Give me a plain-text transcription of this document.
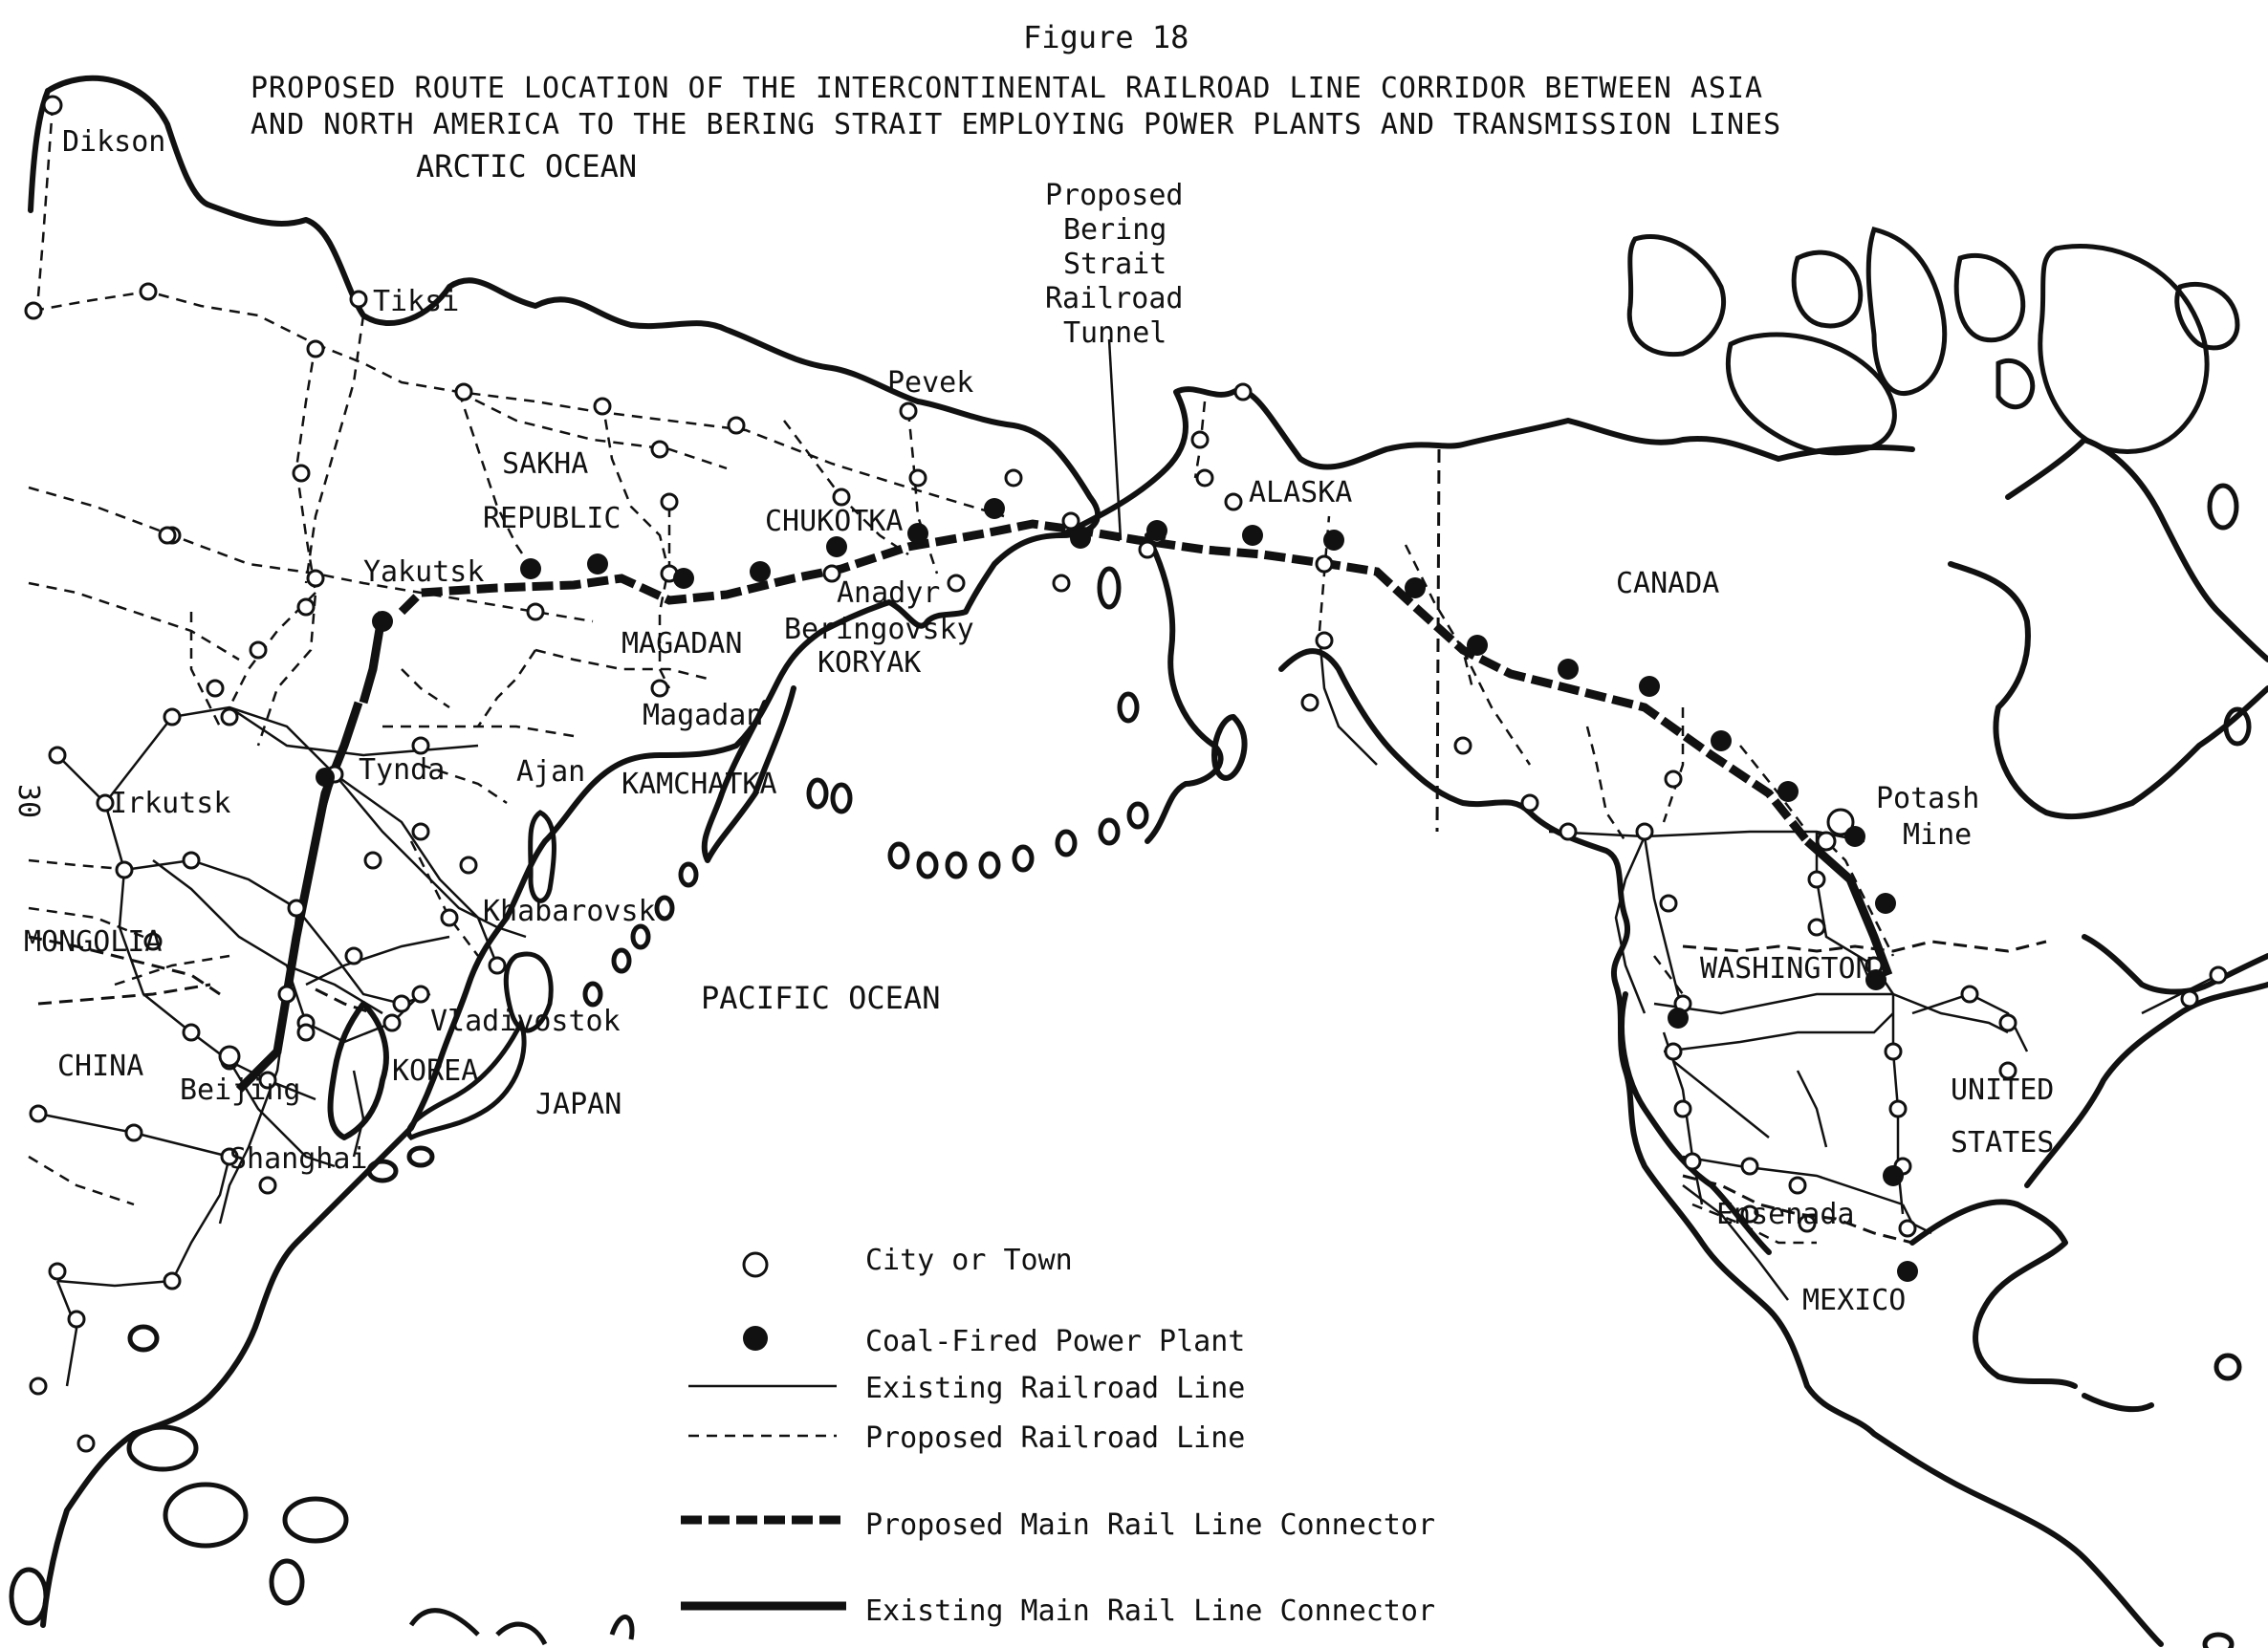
Figure 18
PROPOSED ROUTE LOCATION OF THE INTERCONTINENTAL RAILROAD LINE CORRIDOR BETWEEN ASIA
AND NORTH AMERICA TO THE BERING STRAIT EMPLOYING POWER PLANTS AND TRANSMISSION LINES
ARCTIC OCEAN
PACIFIC OCEAN
Proposed
Bering
Strait
Railroad
Tunnel
Dikson
Tiksi
Pevek
SAKHA
REPUBLIC	CHUKOTKA
ALASKA
Yakutsk
Anadyr
Beringovsky
MAGADAN
KORYAK
Magadan
Ajan KAMCHATKA
Tynda
Irkutsk
Khabarovsk
MONGOLIA
Vladivostok
CHINA	KOREA
Beijing	JAPAN
Shanghai
CANADA
Potash
Mine
WASHINGTON
UNITED
STATES
Ensenada
MEXICO
30
City or Town
Coal-Fired Power Plant
Existing Railroad Line
Proposed Railroad Line
Proposed Main Rail Line Connector
Existing Main Rail Line Connector
